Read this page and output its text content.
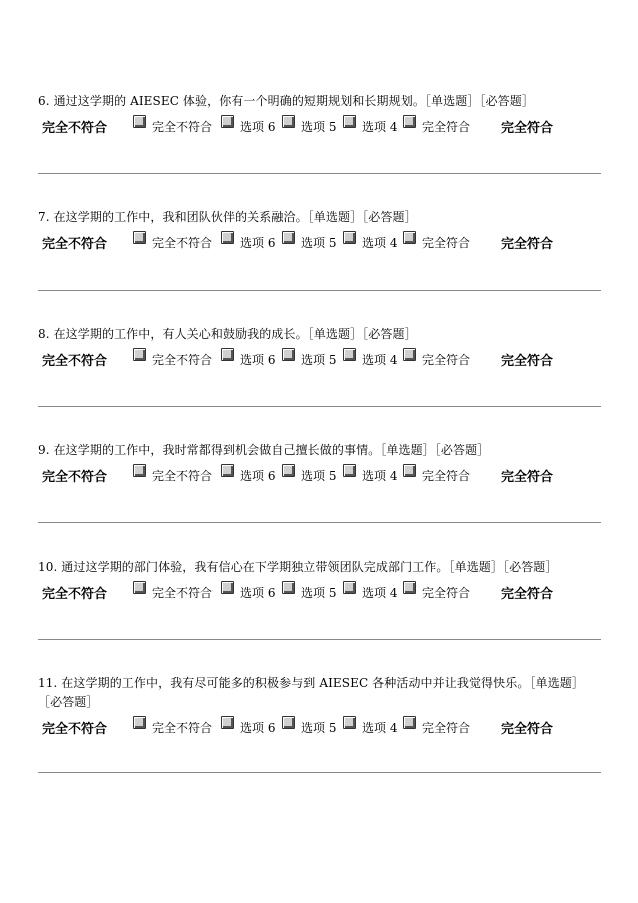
6. 通过这学期的 AIESEC 体验，你有一个明确的短期规划和长期规划。［单选题］［必答题］

完全不符合	完全不符合 选项 6 选项 5 选项 4 完全符合 完全符合

7. 在这学期的工作中，我和团队伙伴的关系融洽。［单选题］［必答题］

完全不符合	完全不符合 选项 6 选项 5 选项 4 完全符合 完全符合

8. 在这学期的工作中，有人关心和鼓励我的成长。［单选题］［必答题］

完全不符合	完全不符合 选项 6 选项 5 选项 4 完全符合 完全符合

9. 在这学期的工作中，我时常都得到机会做自己擅长做的事情。［单选题］［必答题］

完全不符合	完全不符合 选项 6 选项 5 选项 4 完全符合 完全符合

10. 通过这学期的部门体验，我有信心在下学期独立带领团队完成部门工作。［单选题］［必答题］

完全不符合	完全不符合 选项 6 选项 5 选项 4 完全符合 完全符合

11. 在这学期的工作中，我有尽可能多的积极参与到 AIESEC 各种活动中并让我觉得快乐。［单选题］［必答题］

完全不符合	完全不符合 选项 6 选项 5 选项 4 完全符合 完全符合
